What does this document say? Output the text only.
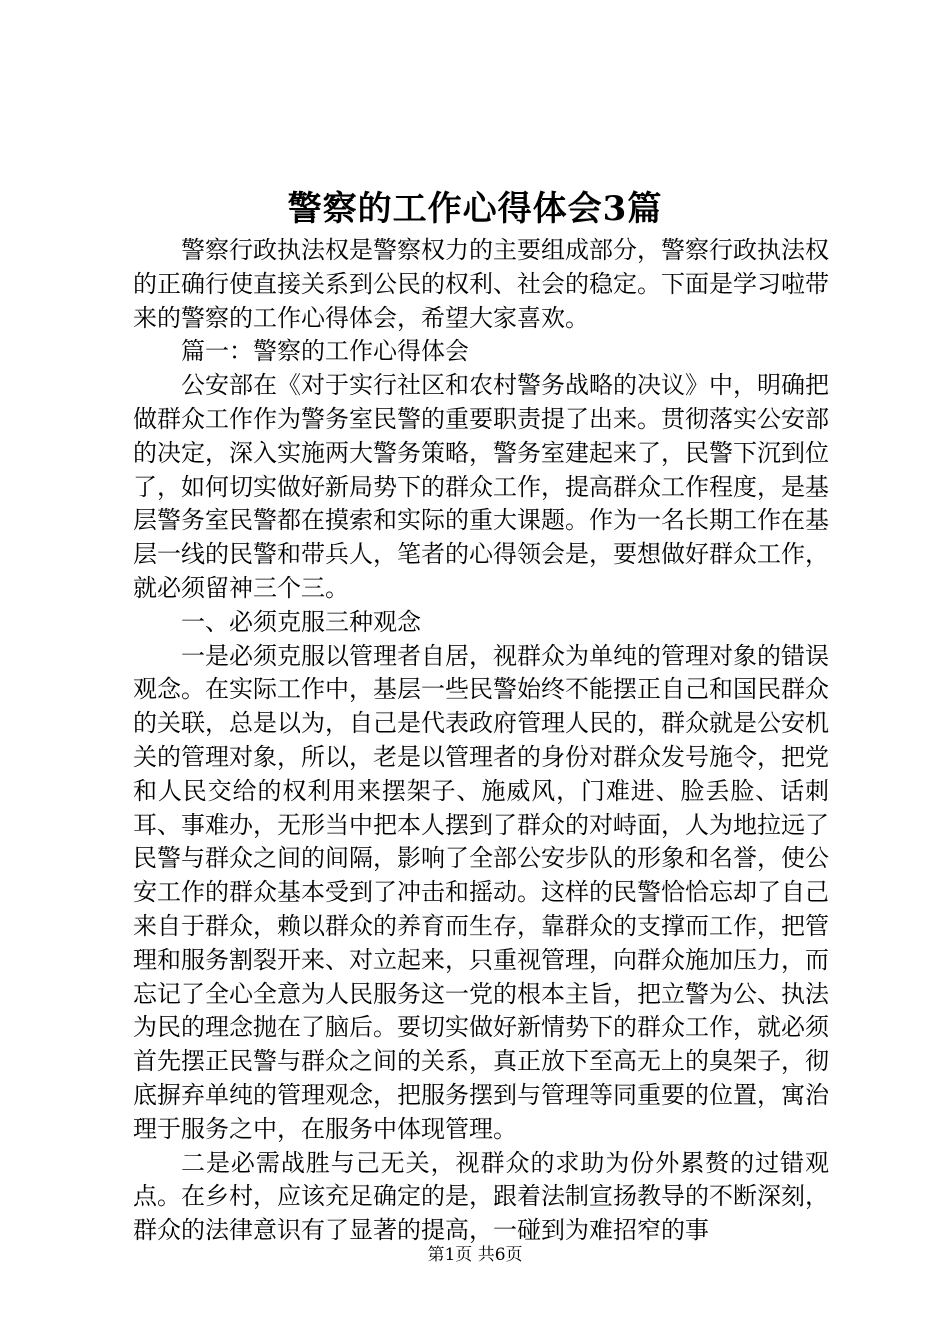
警察的工作心得体会3篇

警察行政执法权是警察权力的主要组成部分，警察行政执法权的正确行使直接关系到公民的权利、社会的稳定。下面是学习啦带来的警察的工作心得体会，希望大家喜欢。

篇一：警察的工作心得体会

公安部在《对于实行社区和农村警务战略的决议》中，明确把做群众工作作为警务室民警的重要职责提了出来。贯彻落实公安部的决定，深入实施两大警务策略，警务室建起来了，民警下沉到位了，如何切实做好新局势下的群众工作，提高群众工作程度，是基层警务室民警都在摸索和实际的重大课题。作为一名长期工作在基层一线的民警和带兵人，笔者的心得领会是，要想做好群众工作，就必须留神三个三。

一、必须克服三种观念

一是必须克服以管理者自居，视群众为单纯的管理对象的错误观念。在实际工作中，基层一些民警始终不能摆正自己和国民群众的关联，总是以为，自己是代表政府管理人民的，群众就是公安机关的管理对象，所以，老是以管理者的身份对群众发号施令，把党和人民交给的权利用来摆架子、施威风，门难进、脸丢脸、话刺耳、事难办，无形当中把本人摆到了群众的对峙面，人为地拉远了民警与群众之间的间隔，影响了全部公安步队的形象和名誉，使公安工作的群众基本受到了冲击和摇动。这样的民警恰恰忘却了自己来自于群众，赖以群众的养育而生存，靠群众的支撑而工作，把管理和服务割裂开来、对立起来，只重视管理，向群众施加压力，而忘记了全心全意为人民服务这一党的根本主旨，把立警为公、执法为民的理念抛在了脑后。要切实做好新情势下的群众工作，就必须首先摆正民警与群众之间的关系，真正放下至高无上的臭架子，彻底摒弃单纯的管理观念，把服务摆到与管理等同重要的位置，寓治理于服务之中，在服务中体现管理。

二是必需战胜与己无关，视群众的求助为份外累赘的过错观点。在乡村，应该充足确定的是，跟着法制宣扬教导的不断深刻，群众的法律意识有了显著的提高，一碰到为难招窄的事

第1页 共6页
